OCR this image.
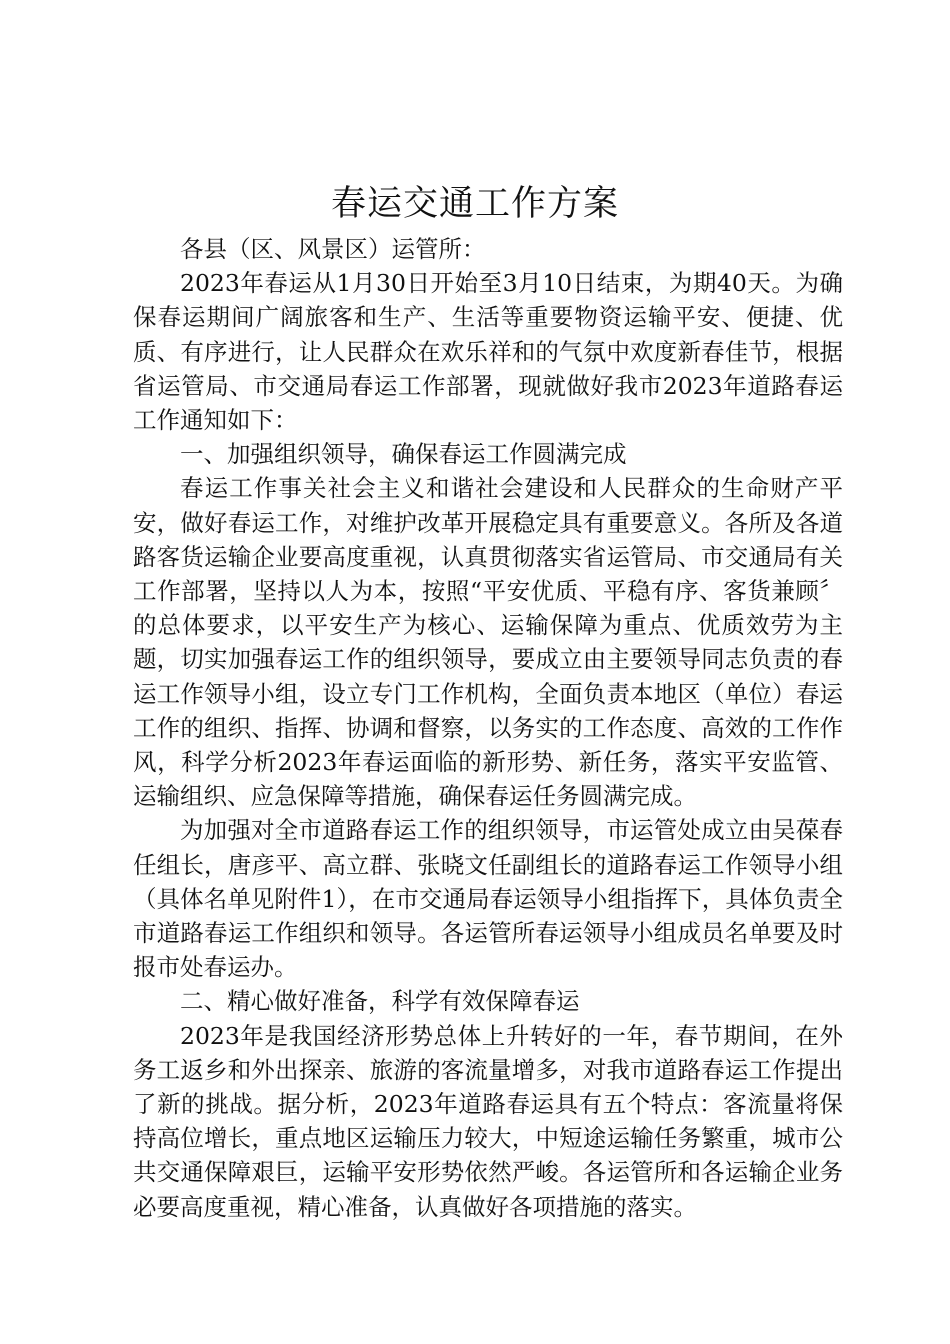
春运交通工作方案

各县（区、风景区）运管所：

2023年春运从1月30日开始至3月10日结束，为期40天。为确保春运期间广阔旅客和生产、生活等重要物资运输平安、便捷、优质、有序进行，让人民群众在欢乐祥和的气氛中欢度新春佳节，根据省运管局、市交通局春运工作部署，现就做好我市2023年道路春运工作通知如下：

一、加强组织领导，确保春运工作圆满完成

春运工作事关社会主义和谐社会建设和人民群众的生命财产平安，做好春运工作，对维护改革开展稳定具有重要意义。各所及各道路客货运输企业要高度重视，认真贯彻落实省运管局、市交通局有关工作部署，坚持以人为本，按照“平安优质、平稳有序、客货兼顾〞的总体要求，以平安生产为核心、运输保障为重点、优质效劳为主题，切实加强春运工作的组织领导，要成立由主要领导同志负责的春运工作领导小组，设立专门工作机构，全面负责本地区（单位）春运工作的组织、指挥、协调和督察，以务实的工作态度、高效的工作作风，科学分析2023年春运面临的新形势、新任务，落实平安监管、运输组织、应急保障等措施，确保春运任务圆满完成。

为加强对全市道路春运工作的组织领导，市运管处成立由吴葆春任组长，唐彦平、高立群、张晓文任副组长的道路春运工作领导小组（具体名单见附件1），在市交通局春运领导小组指挥下，具体负责全市道路春运工作组织和领导。各运管所春运领导小组成员名单要及时报市处春运办。

二、精心做好准备，科学有效保障春运

2023年是我国经济形势总体上升转好的一年，春节期间，在外务工返乡和外出探亲、旅游的客流量增多，对我市道路春运工作提出了新的挑战。据分析，2023年道路春运具有五个特点：客流量将保持高位增长，重点地区运输压力较大，中短途运输任务繁重，城市公共交通保障艰巨，运输平安形势依然严峻。各运管所和各运输企业务必要高度重视，精心准备，认真做好各项措施的落实。
